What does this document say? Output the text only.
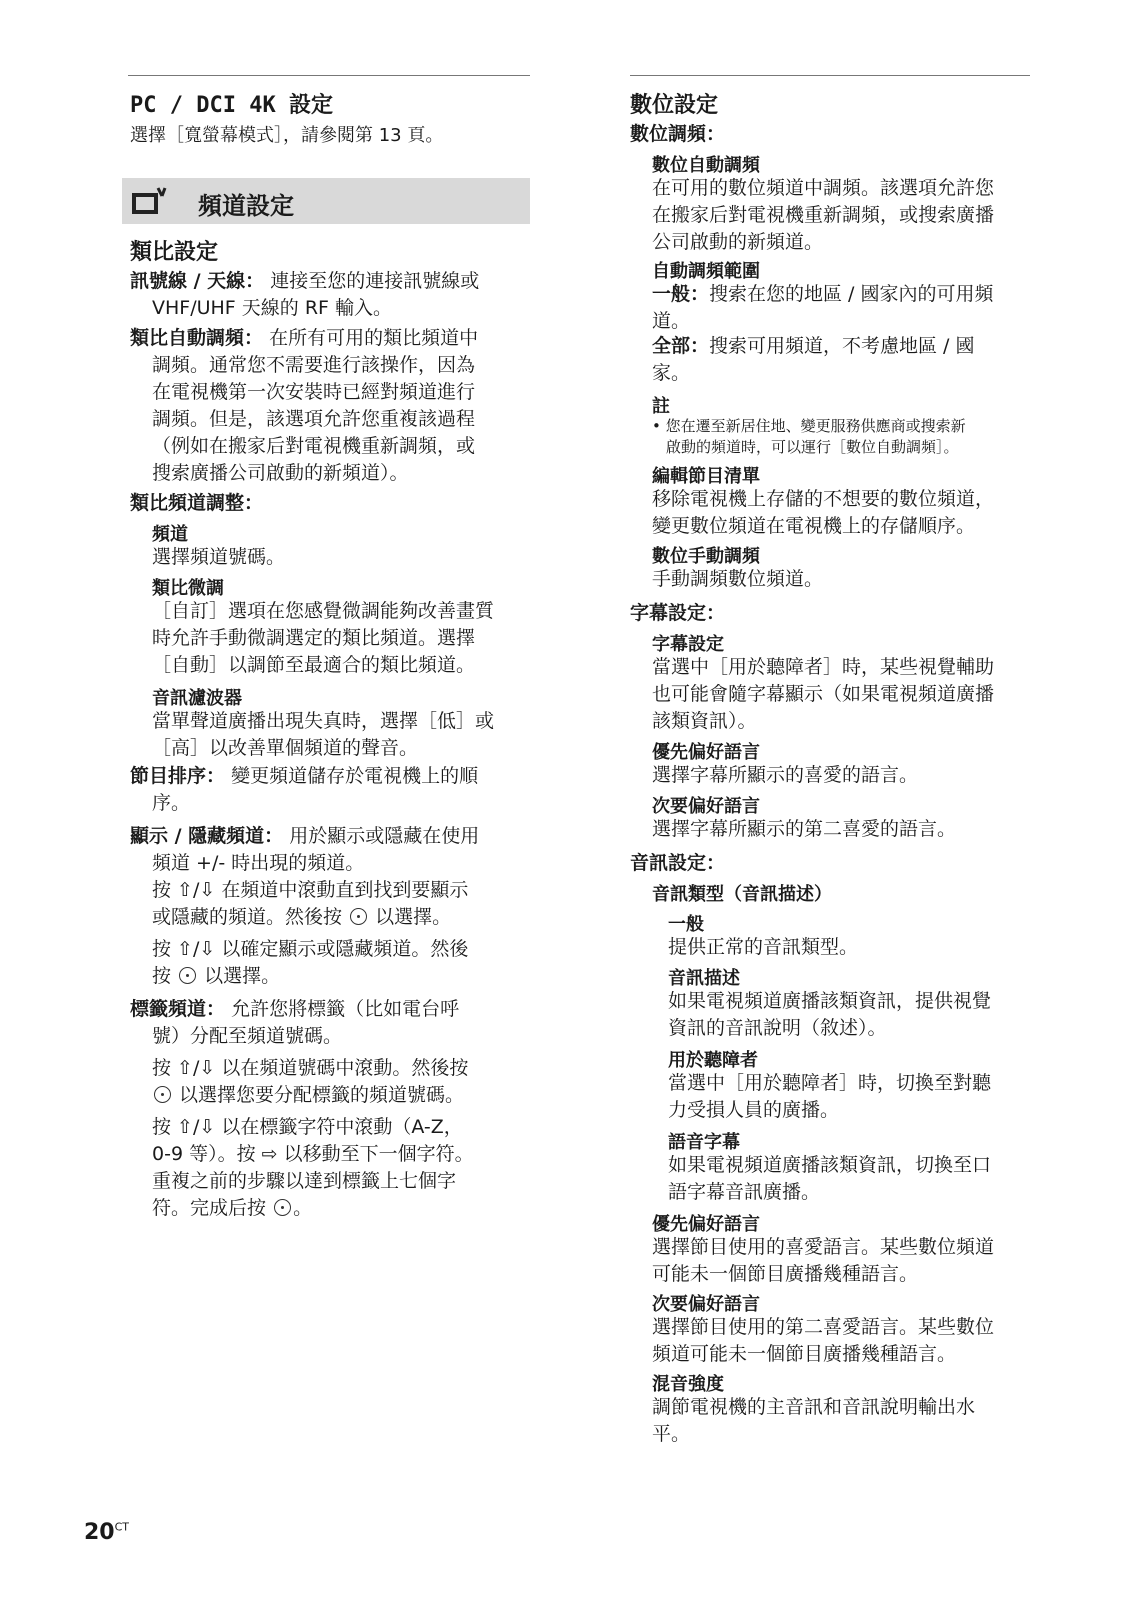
PC / DCI 4K 設定
選擇［寬螢幕模式］，請參閱第 13 頁。
頻道設定
類比設定
訊號線 / 天線： 連接至您的連接訊號線或
VHF/UHF 天線的 RF 輸入。
類比自動調頻： 在所有可用的類比頻道中
調頻。通常您不需要進行該操作，因為
在電視機第一次安裝時已經對頻道進行
調頻。但是，該選項允許您重複該過程
（例如在搬家后對電視機重新調頻，或
搜索廣播公司啟動的新頻道）。
類比頻道調整：
頻道
選擇頻道號碼。
類比微調
［自訂］選項在您感覺微調能夠改善畫質
時允許手動微調選定的類比頻道。選擇
［自動］以調節至最適合的類比頻道。
音訊濾波器
當單聲道廣播出現失真時，選擇［低］或
［高］以改善單個頻道的聲音。
節目排序： 變更頻道儲存於電視機上的順
序。
顯示 / 隱藏頻道： 用於顯示或隱藏在使用
頻道 +/- 時出現的頻道。
按 ⇧/⇩ 在頻道中滾動直到找到要顯示
或隱藏的頻道。然後按 以選擇。
按 ⇧/⇩ 以確定顯示或隱藏頻道。然後
按 以選擇。
標籤頻道： 允許您將標籤（比如電台呼
號）分配至頻道號碼。
按 ⇧/⇩ 以在頻道號碼中滾動。然後按
以選擇您要分配標籤的頻道號碼。
按 ⇧/⇩ 以在標籤字符中滾動（A-Z，
0-9 等）。按 ⇨ 以移動至下一個字符。
重複之前的步驟以達到標籤上七個字
符。完成后按 。
$20^{CT}$
數位設定
數位調頻：
數位自動調頻
在可用的數位頻道中調頻。該選項允許您
在搬家后對電視機重新調頻，或搜索廣播
公司啟動的新頻道。
自動調頻範圍
一般：搜索在您的地區 / 國家內的可用頻
道。
全部：搜索可用頻道，不考慮地區 / 國
家。
註
• 您在遷至新居住地、變更服務供應商或搜索新
啟動的頻道時，可以運行［數位自動調頻］。
編輯節目清單
移除電視機上存儲的不想要的數位頻道，
變更數位頻道在電視機上的存儲順序。
數位手動調頻
手動調頻數位頻道。
字幕設定：
字幕設定
當選中［用於聽障者］時，某些視覺輔助
也可能會隨字幕顯示（如果電視頻道廣播
該類資訊）。
優先偏好語言
選擇字幕所顯示的喜愛的語言。
次要偏好語言
選擇字幕所顯示的第二喜愛的語言。
音訊設定：
音訊類型（音訊描述）
一般
提供正常的音訊類型。
音訊描述
如果電視頻道廣播該類資訊，提供視覺
資訊的音訊說明（敘述）。
用於聽障者
當選中［用於聽障者］時，切換至對聽
力受損人員的廣播。
語音字幕
如果電視頻道廣播該類資訊，切換至口
語字幕音訊廣播。
優先偏好語言
選擇節目使用的喜愛語言。某些數位頻道
可能未一個節目廣播幾種語言。
次要偏好語言
選擇節目使用的第二喜愛語言。某些數位
頻道可能未一個節目廣播幾種語言。
混音強度
調節電視機的主音訊和音訊說明輸出水
平。
